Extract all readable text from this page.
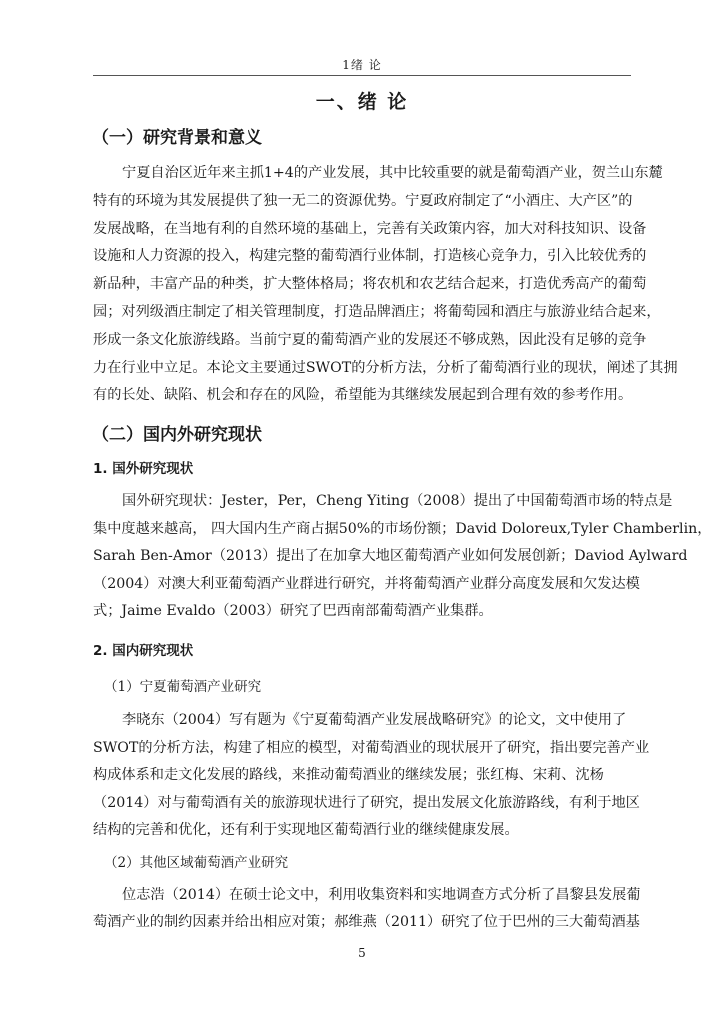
1绪 论
一、绪 论
（一）研究背景和意义
宁夏自治区近年来主抓1+4的产业发展，其中比较重要的就是葡萄酒产业，贺兰山东麓
特有的环境为其发展提供了独一无二的资源优势。宁夏政府制定了“小酒庄、大产区”的
发展战略，在当地有利的自然环境的基础上，完善有关政策内容，加大对科技知识、设备
设施和人力资源的投入，构建完整的葡萄酒行业体制，打造核心竞争力，引入比较优秀的
新品种，丰富产品的种类，扩大整体格局；将农机和农艺结合起来，打造优秀高产的葡萄
园；对列级酒庄制定了相关管理制度，打造品牌酒庄；将葡萄园和酒庄与旅游业结合起来，
形成一条文化旅游线路。当前宁夏的葡萄酒产业的发展还不够成熟，因此没有足够的竞争
力在行业中立足。本论文主要通过SWOT的分析方法，分析了葡萄酒行业的现状，阐述了其拥
有的长处、缺陷、机会和存在的风险，希望能为其继续发展起到合理有效的参考作用。
（二）国内外研究现状
1. 国外研究现状
国外研究现状：Jester，Per，Cheng Yiting（2008）提出了中国葡萄酒市场的特点是
集中度越来越高， 四大国内生产商占据50%的市场份额；David Doloreux,Tyler Chamberlin，
Sarah Ben-Amor（2013）提出了在加拿大地区葡萄酒产业如何发展创新；Daviod Aylward
（2004）对澳大利亚葡萄酒产业群进行研究，并将葡萄酒产业群分高度发展和欠发达模
式；Jaime Evaldo（2003）研究了巴西南部葡萄酒产业集群。
2. 国内研究现状
（1）宁夏葡萄酒产业研究
李晓东（2004）写有题为《宁夏葡萄酒产业发展战略研究》的论文，文中使用了
SWOT的分析方法，构建了相应的模型，对葡萄酒业的现状展开了研究，指出要完善产业
构成体系和走文化发展的路线，来推动葡萄酒业的继续发展；张红梅、宋莉、沈杨
（2014）对与葡萄酒有关的旅游现状进行了研究，提出发展文化旅游路线，有利于地区
结构的完善和优化，还有利于实现地区葡萄酒行业的继续健康发展。
（2）其他区域葡萄酒产业研究
位志浩（2014）在硕士论文中，利用收集资料和实地调查方式分析了昌黎县发展葡
萄酒产业的制约因素并给出相应对策；郝维燕（2011）研究了位于巴州的三大葡萄酒基
5
